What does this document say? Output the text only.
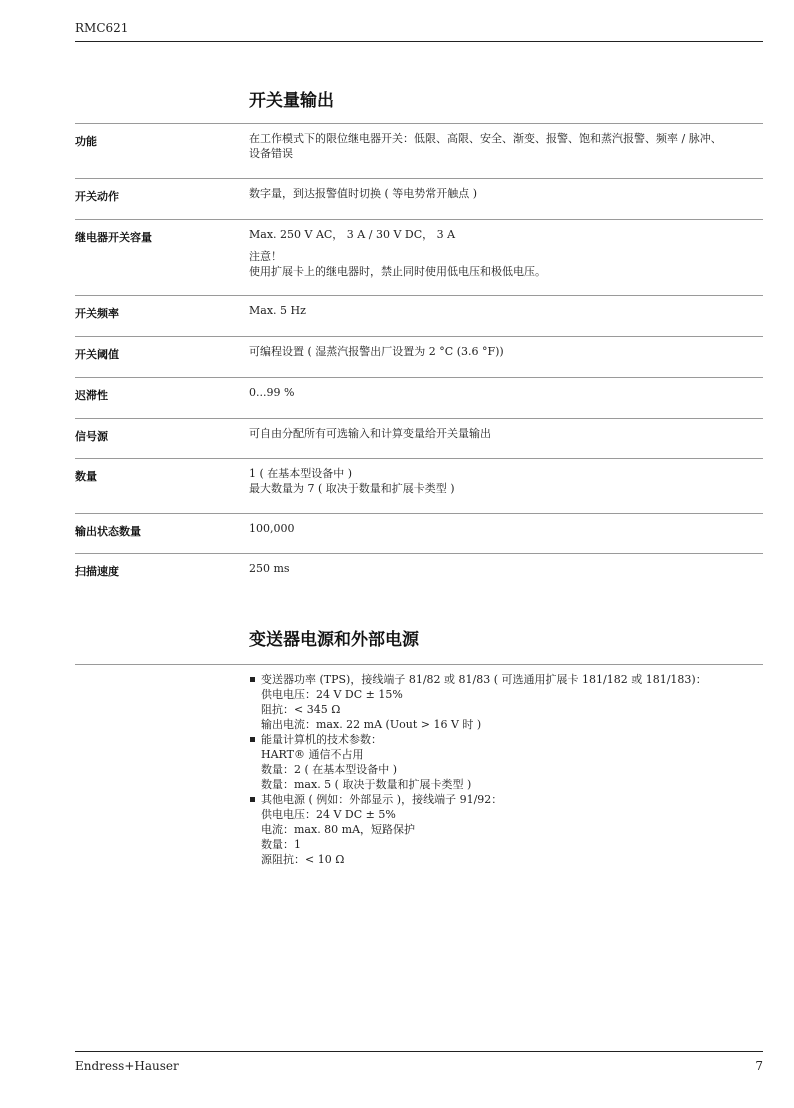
RMC621
开关量输出
功能	在工作模式下的限位继电器开关：低限、高限、安全、渐变、报警、饱和蒸汽报警、频率 / 脉冲、
设备错误
开关动作	数字量，到达报警值时切换 ( 等电势常开触点 )
继电器开关容量	Max. 250 V AC， 3 A / 30 V DC， 3 A
注意！
使用扩展卡上的继电器时，禁止同时使用低电压和极低电压。
开关频率	Max. 5 Hz
开关阈值	可编程设置 ( 湿蒸汽报警出厂设置为 2 °C (3.6 °F))
迟滞性	0...99 %
信号源	可自由分配所有可选输入和计算变量给开关量输出
数量	1 ( 在基本型设备中 )
最大数量为 7 ( 取决于数量和扩展卡类型 )
输出状态数量	100,000
扫描速度	250 ms
变送器电源和外部电源
变送器功率 (TPS)，接线端子 81/82 或 81/83 ( 可选通用扩展卡 181/182 或 181/183)：
供电电压：24 V DC ± 15%
阻抗：< 345 Ω
输出电流：max. 22 mA (Uout > 16 V 时 )
能量计算机的技术参数：
HART® 通信不占用
数量：2 ( 在基本型设备中 )
数量：max. 5 ( 取决于数量和扩展卡类型 )
其他电源 ( 例如：外部显示 )，接线端子 91/92：
供电电压：24 V DC ± 5%
电流：max. 80 mA，短路保护
数量：1
源阻抗：< 10 Ω
Endress+Hauser	7
